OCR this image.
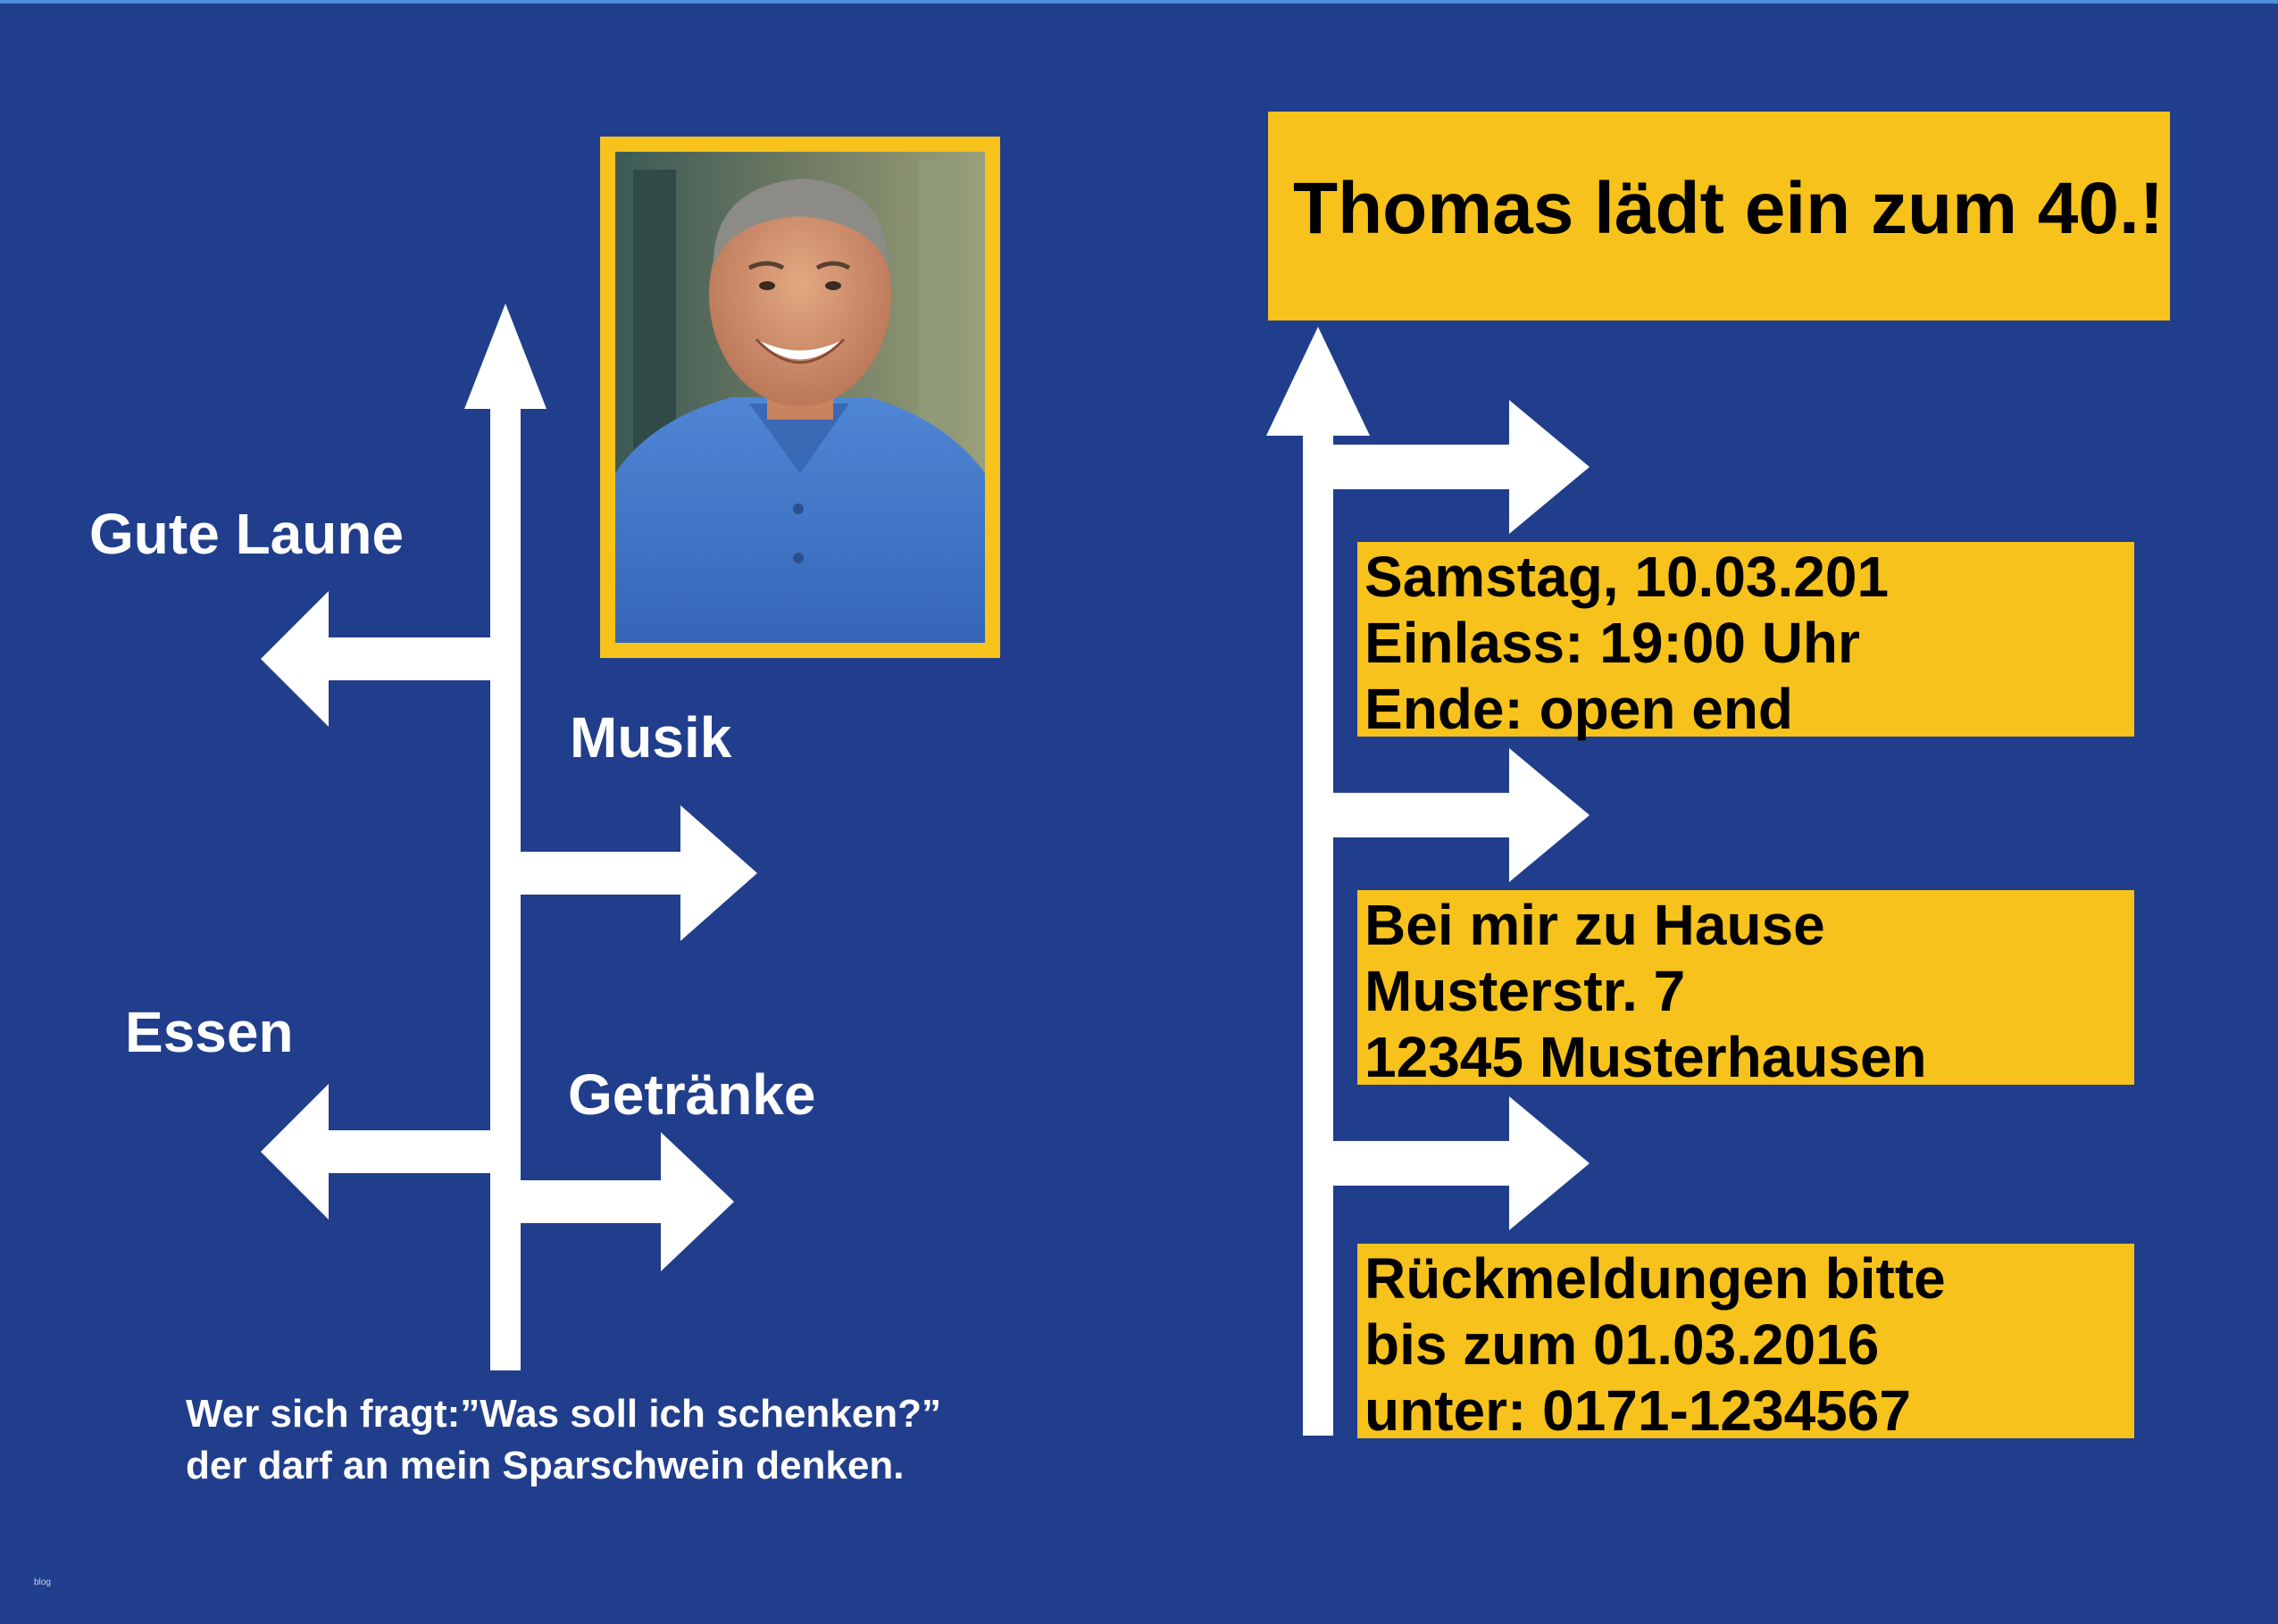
Gute Laune
Musik
Essen
Getränke
Thomas lädt ein zum 40.!
Samstag, 10.03.201
Einlass: 19:00 Uhr
Ende: open end
Bei mir zu Hause
Musterstr. 7
12345 Musterhausen
Rückmeldungen bitte
bis zum 01.03.2016
unter: 0171-1234567
Wer sich fragt:”Was soll ich schenken?”
der darf an mein Sparschwein denken.
blog
